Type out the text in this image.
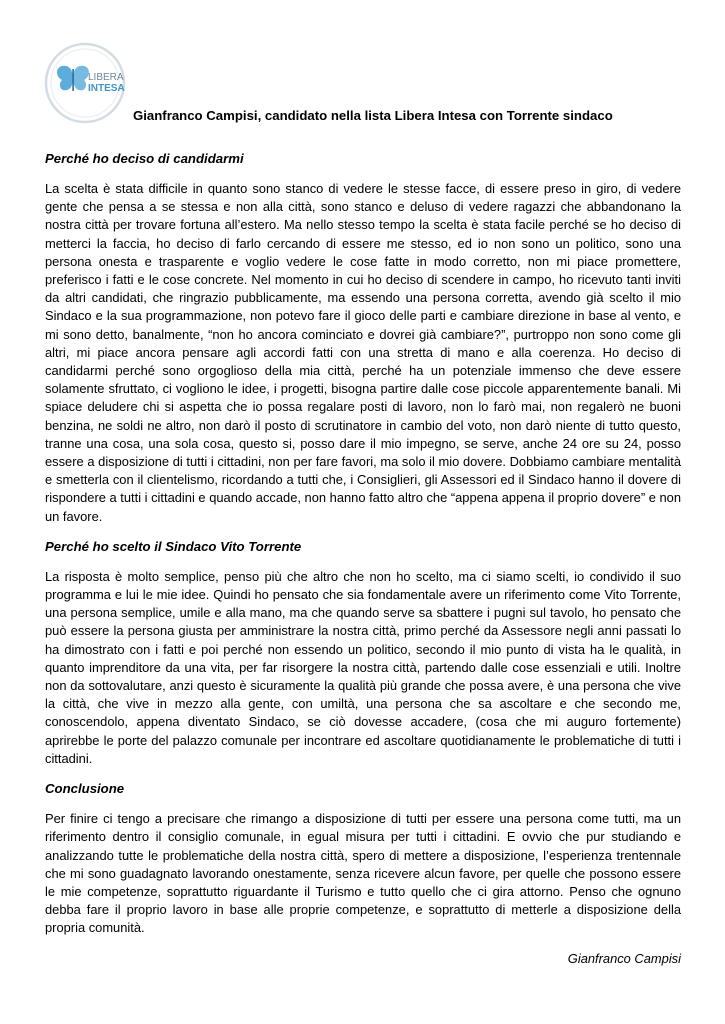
LIBERA
INTESA
Gianfranco Campisi, candidato nella lista Libera Intesa con Torrente sindaco
Perché ho deciso di candidarmi
La scelta è stata difficile in quanto sono stanco di vedere le stesse facce, di essere preso in giro, di vedere gente che pensa a se stessa e non alla città, sono stanco e deluso di vedere ragazzi che abbandonano la nostra città per trovare fortuna all’estero. Ma nello stesso tempo la scelta è stata facile perché se ho deciso di metterci la faccia, ho deciso di farlo cercando di essere me stesso, ed io non sono un politico, sono una persona onesta e trasparente e voglio vedere le cose fatte in modo corretto, non mi piace promettere, preferisco i fatti e le cose concrete. Nel momento in cui ho deciso di scendere in campo, ho ricevuto tanti inviti da altri candidati, che ringrazio pubblicamente, ma essendo una persona corretta, avendo già scelto il mio Sindaco e la sua programmazione, non potevo fare il gioco delle parti e cambiare direzione in base al vento, e mi sono detto, banalmente, “non ho ancora cominciato e dovrei già cambiare?”, purtroppo non sono come gli altri, mi piace ancora pensare agli accordi fatti con una stretta di mano e alla coerenza. Ho deciso di candidarmi perché sono orgoglioso della mia città, perché ha un potenziale immenso che deve essere solamente sfruttato, ci vogliono le idee, i progetti, bisogna partire dalle cose piccole apparentemente banali. Mi spiace deludere chi si aspetta che io possa regalare posti di lavoro, non lo farò mai, non regalerò ne buoni benzina, ne soldi ne altro, non darò il posto di scrutinatore in cambio del voto, non darò niente di tutto questo, tranne una cosa, una sola cosa, questo si, posso dare il mio impegno, se serve, anche 24 ore su 24, posso essere a disposizione di tutti i cittadini, non per fare favori, ma solo il mio dovere. Dobbiamo cambiare mentalità e smetterla con il clientelismo, ricordando a tutti che, i Consiglieri, gli Assessori ed il Sindaco hanno il dovere di rispondere a tutti i cittadini e quando accade, non hanno fatto altro che “appena appena il proprio dovere” e non un favore.
Perché ho scelto il Sindaco Vito Torrente
La risposta è molto semplice, penso più che altro che non ho scelto, ma ci siamo scelti, io condivido il suo programma e lui le mie idee. Quindi ho pensato che sia fondamentale avere un riferimento come Vito Torrente, una persona semplice, umile e alla mano, ma che quando serve sa sbattere i pugni sul tavolo, ho pensato che può essere la persona giusta per amministrare la nostra città, primo perché da Assessore negli anni passati lo ha dimostrato con i fatti e poi perché non essendo un politico, secondo il mio punto di vista ha le qualità, in quanto imprenditore da una vita, per far risorgere la nostra città, partendo dalle cose essenziali e utili. Inoltre non da sottovalutare, anzi questo è sicuramente la qualità più grande che possa avere, è una persona che vive la città, che vive in mezzo alla gente, con umiltà, una persona che sa ascoltare e che secondo me, conoscendolo, appena diventato Sindaco, se ciò dovesse accadere, (cosa che mi auguro fortemente) aprirebbe le porte del palazzo comunale per incontrare ed ascoltare quotidianamente le problematiche di tutti i cittadini.
Conclusione
Per finire ci tengo a precisare che rimango a disposizione di tutti per essere una persona come tutti, ma un riferimento dentro il consiglio comunale, in egual misura per tutti i cittadini. E ovvio che pur studiando e analizzando tutte le problematiche della nostra città, spero di mettere a disposizione, l’esperienza trentennale che mi sono guadagnato lavorando onestamente, senza ricevere alcun favore, per quelle che possono essere le mie competenze, soprattutto riguardante il Turismo e tutto quello che ci gira attorno. Penso che ognuno debba fare il proprio lavoro in base alle proprie competenze, e soprattutto di metterle a disposizione della propria comunità.
Gianfranco Campisi
